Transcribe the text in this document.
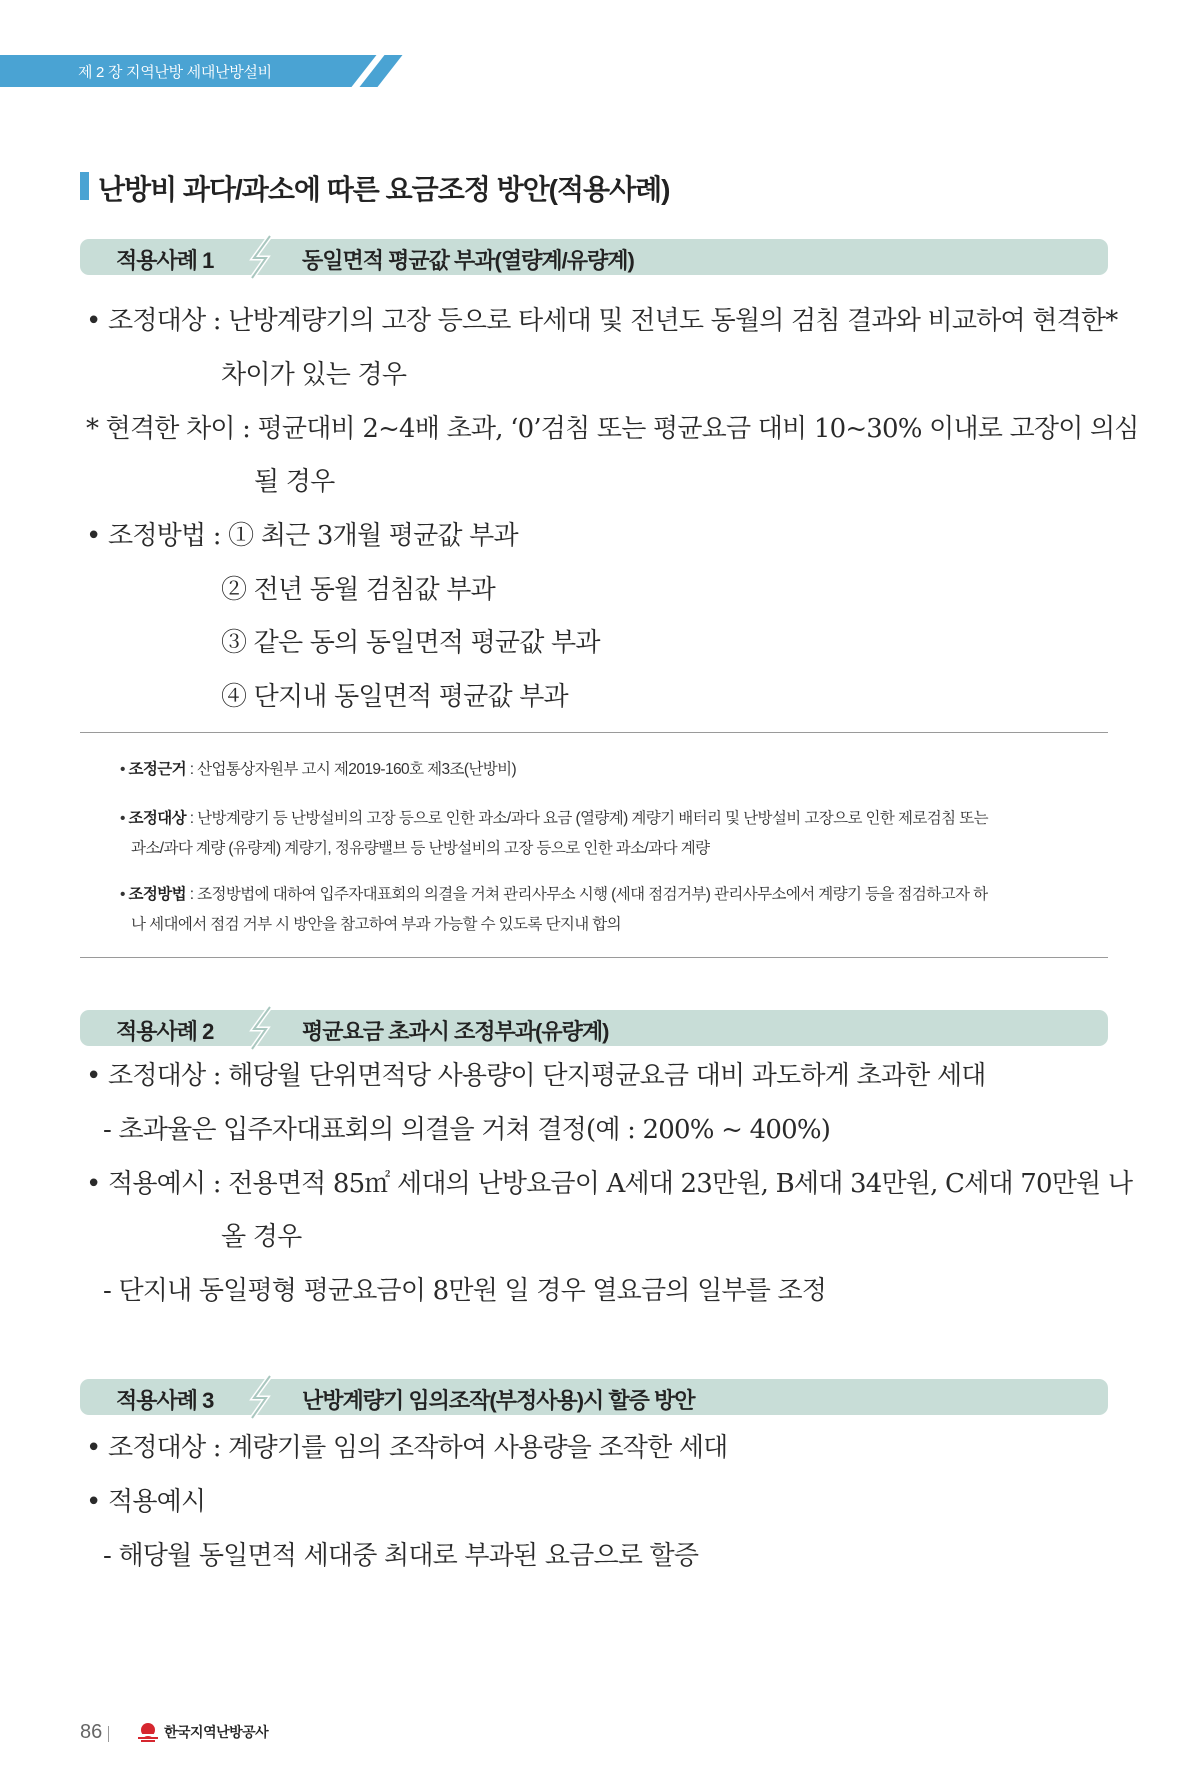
제 2 장 지역난방 세대난방설비
난방비 과다/과소에 따른 요금조정 방안(적용사례)
적용사례 1	동일면적 평균값 부과(열량계/유량계)
• 조정대상 : 난방계량기의 고장 등으로 타세대 및 전년도 동월의 검침 결과와 비교하여 현격한*
차이가 있는 경우
* 현격한 차이 : 평균대비 2~4배 초과, ‘0’검침 또는 평균요금 대비 10~30% 이내로 고장이 의심
될 경우
• 조정방법 : ① 최근 3개월 평균값 부과
② 전년 동월 검침값 부과
③ 같은 동의 동일면적 평균값 부과
④ 단지내 동일면적 평균값 부과
• 조정근거 : 산업통상자원부 고시 제2019-160호 제3조(난방비)
• 조정대상 : 난방계량기 등 난방설비의 고장 등으로 인한 과소/과다 요금 (열량계) 계량기 배터리 및 난방설비 고장으로 인한 제로검침 또는
과소/과다 계량 (유량계) 계량기, 정유량밸브 등 난방설비의 고장 등으로 인한 과소/과다 계량
• 조정방법 : 조정방법에 대하여 입주자대표회의 의결을 거쳐 관리사무소 시행 (세대 점검거부) 관리사무소에서 계량기 등을 점검하고자 하
나 세대에서 점검 거부 시 방안을 참고하여 부과 가능할 수 있도록 단지내 합의
적용사례 2	평균요금 초과시 조정부과(유량계)
• 조정대상 : 해당월 단위면적당 사용량이 단지평균요금 대비 과도하게 초과한 세대
- 초과율은 입주자대표회의 의결을 거쳐 결정(예 : 200% ~ 400%)
• 적용예시 : 전용면적 85㎡ 세대의 난방요금이 A세대 23만원, B세대 34만원, C세대 70만원 나
올 경우
- 단지내 동일평형 평균요금이 8만원 일 경우 열요금의 일부를 조정
적용사례 3	난방계량기 임의조작(부정사용)시 할증 방안
• 조정대상 : 계량기를 임의 조작하여 사용량을 조작한 세대
• 적용예시
- 해당월 동일면적 세대중 최대로 부과된 요금으로 할증
86	한국지역난방공사
